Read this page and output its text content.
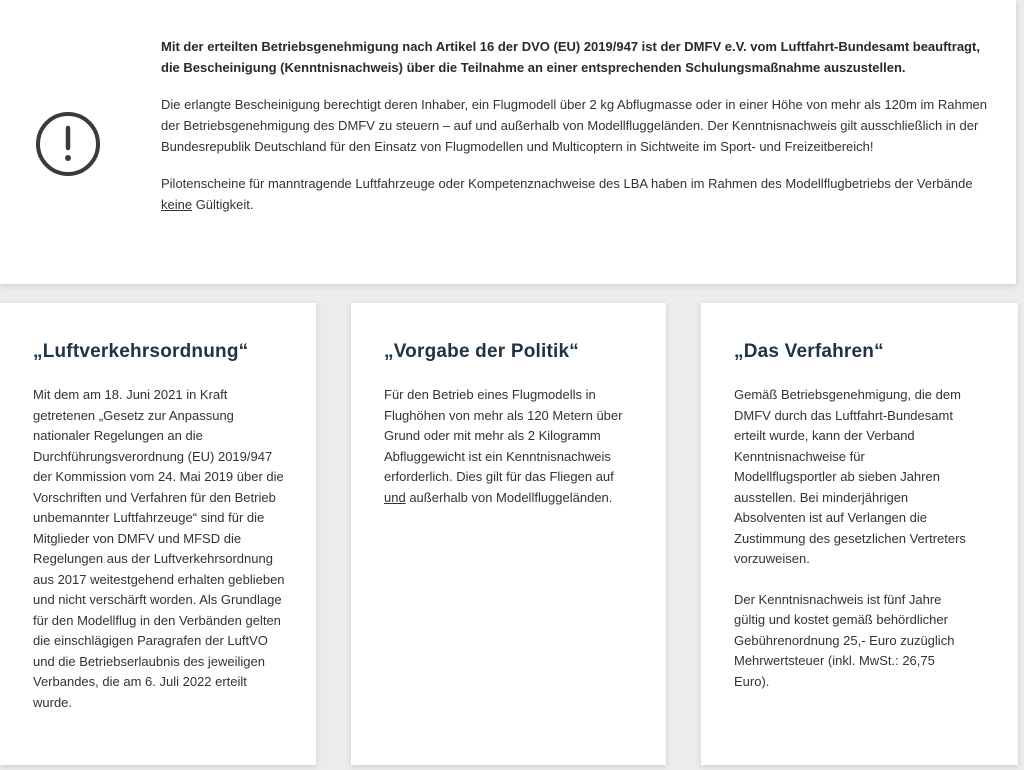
Mit der erteilten Betriebsgenehmigung nach Artikel 16 der DVO (EU) 2019/947 ist der DMFV e.V. vom Luftfahrt-Bundesamt beauftragt, die Bescheinigung (Kenntnisnachweis) über die Teilnahme an einer entsprechenden Schulungsmaßnahme auszustellen.

Die erlangte Bescheinigung berechtigt deren Inhaber, ein Flugmodell über 2 kg Abflugmasse oder in einer Höhe von mehr als 120m im Rahmen der Betriebsgenehmigung des DMFV zu steuern – auf und außerhalb von Modellfluggeländen. Der Kenntnisnachweis gilt ausschließlich in der Bundesrepublik Deutschland für den Einsatz von Flugmodellen und Multicoptern in Sichtweite im Sport- und Freizeitbereich!

Pilotenscheine für manntragende Luftfahrzeuge oder Kompetenznachweise des LBA haben im Rahmen des Modellflugbetriebs der Verbände keine Gültigkeit.

„Luftverkehrsordnung“

Mit dem am 18. Juni 2021 in Kraft getretenen „Gesetz zur Anpassung nationaler Regelungen an die Durchführungsverordnung (EU) 2019/947 der Kommission vom 24. Mai 2019 über die Vorschriften und Verfahren für den Betrieb unbemannter Luftfahrzeuge“ sind für die Mitglieder von DMFV und MFSD die Regelungen aus der Luftverkehrsordnung aus 2017 weitestgehend erhalten geblieben und nicht verschärft worden. Als Grundlage für den Modellflug in den Verbänden gelten die einschlägigen Paragrafen der LuftVO und die Betriebserlaubnis des jeweiligen Verbandes, die am 6. Juli 2022 erteilt wurde.

„Vorgabe der Politik“

Für den Betrieb eines Flugmodells in Flughöhen von mehr als 120 Metern über Grund oder mit mehr als 2 Kilogramm Abfluggewicht ist ein Kenntnisnachweis erforderlich. Dies gilt für das Fliegen auf und außerhalb von Modellfluggeländen.

„Das Verfahren“

Gemäß Betriebsgenehmigung, die dem DMFV durch das Luftfahrt-Bundesamt erteilt wurde, kann der Verband Kenntnisnachweise für Modellflugsportler ab sieben Jahren ausstellen. Bei minderjährigen Absolventen ist auf Verlangen die Zustimmung des gesetzlichen Vertreters vorzuweisen.

Der Kenntnisnachweis ist fünf Jahre gültig und kostet gemäß behördlicher Gebührenordnung 25,- Euro zuzüglich Mehrwertsteuer (inkl. MwSt.: 26,75 Euro).
